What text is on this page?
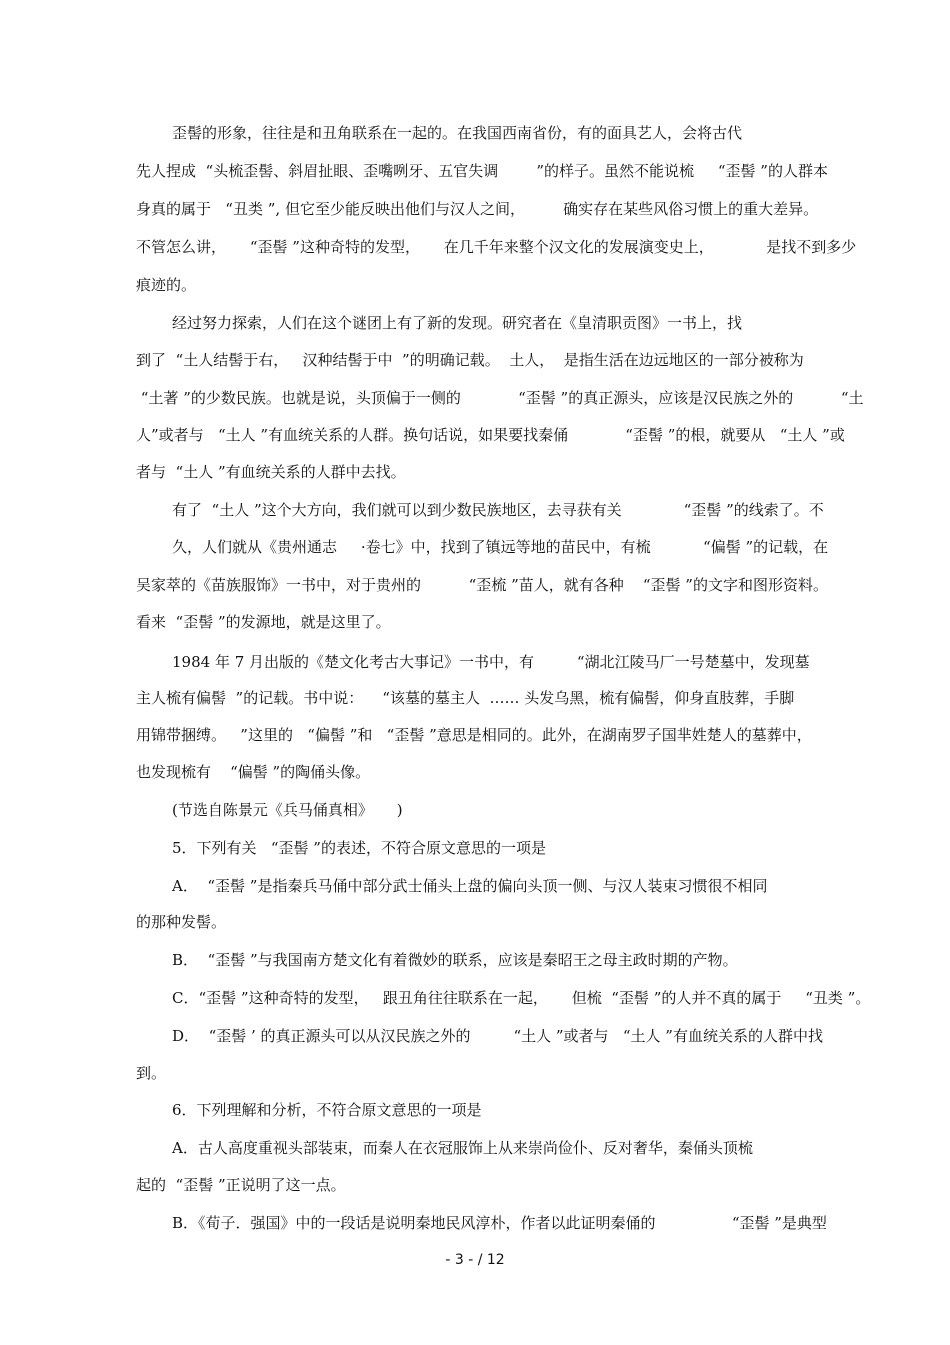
歪髻的形象，往往是和丑角联系在一起的。在我国西南省份，有的面具艺人，会将古代
先人捏成  “头梳歪髻、斜眉扯眼、歪嘴咧牙、五官失调        ”的样子。虽然不能说梳     “歪髻 ”的人群本
身真的属于   “丑类 ”, 但它至少能反映出他们与汉人之间，        确实存在某些风俗习惯上的重大差异。
不管怎么讲，     “歪髻 ”这种奇特的发型，     在几千年来整个汉文化的发展演变史上，           是找不到多少
痕迹的。
经过努力探索，人们在这个谜团上有了新的发现。研究者在《皇清职贡图》一书上，找
到了  “土人结髻于右，   汉种结髻于中  ”的明确记载。  土人，  是指生活在边远地区的一部分被称为
“土著 ”的少数民族。也就是说，头顶偏于一侧的            “歪髻 ”的真正源头，应该是汉民族之外的          “土
人”或者与   “土人 ”有血统关系的人群。换句话说，如果要找秦俑            “歪髻 ”的根，就要从   “土人 ”或
者与  “土人 ”有血统关系的人群中去找。
有了  “土人 ”这个大方向，我们就可以到少数民族地区，去寻获有关             “歪髻 ”的线索了。不
久，人们就从《贵州通志     ·卷七》中，找到了镇远等地的苗民中，有梳           “偏髻 ”的记载，在
吴家萃的《苗族服饰》一书中，对于贵州的          “歪梳 ”苗人，就有各种    “歪髻 ”的文字和图形资料。
看来  “歪髻 ”的发源地，就是这里了。
1984 年 7 月出版的《楚文化考古大事记》一书中，有         “湖北江陵马厂一号楚墓中，发现墓
主人梳有偏髻  ”的记载。书中说：    “该墓的墓主人  …… 头发乌黑，梳有偏髻，仰身直肢葬，手脚
用锦带捆缚。   ”这里的   “偏髻 ”和   “歪髻 ”意思是相同的。此外，在湖南罗子国芈姓楚人的墓葬中，
也发现梳有    “偏髻 ”的陶俑头像。
(节选自陈景元《兵马俑真相》     )
5．下列有关   “歪髻 ”的表述，不符合原文意思的一项是
A．  “歪髻 ”是指秦兵马俑中部分武士俑头上盘的偏向头顶一侧、与汉人装束习惯很不相同
的那种发髻。
B．  “歪髻 ”与我国南方楚文化有着微妙的联系，应该是秦昭王之母主政时期的产物。
C．“歪髻 ”这种奇特的发型，   跟丑角往往联系在一起，     但梳  “歪髻 ”的人并不真的属于     “丑类 ”。
D．  “歪髻 ’ 的真正源头可以从汉民族之外的         “土人 ”或者与   “土人 ”有血统关系的人群中找
到。
6．下列理解和分析，不符合原文意思的一项是
A．古人高度重视头部装束，而秦人在衣冠服饰上从来崇尚俭仆、反对奢华，秦俑头顶梳
起的  “歪髻 ”正说明了这一点。
B．《荀子．强国》中的一段话是说明秦地民风淳朴，作者以此证明秦俑的                “歪髻 ”是典型
- 3 - / 12
